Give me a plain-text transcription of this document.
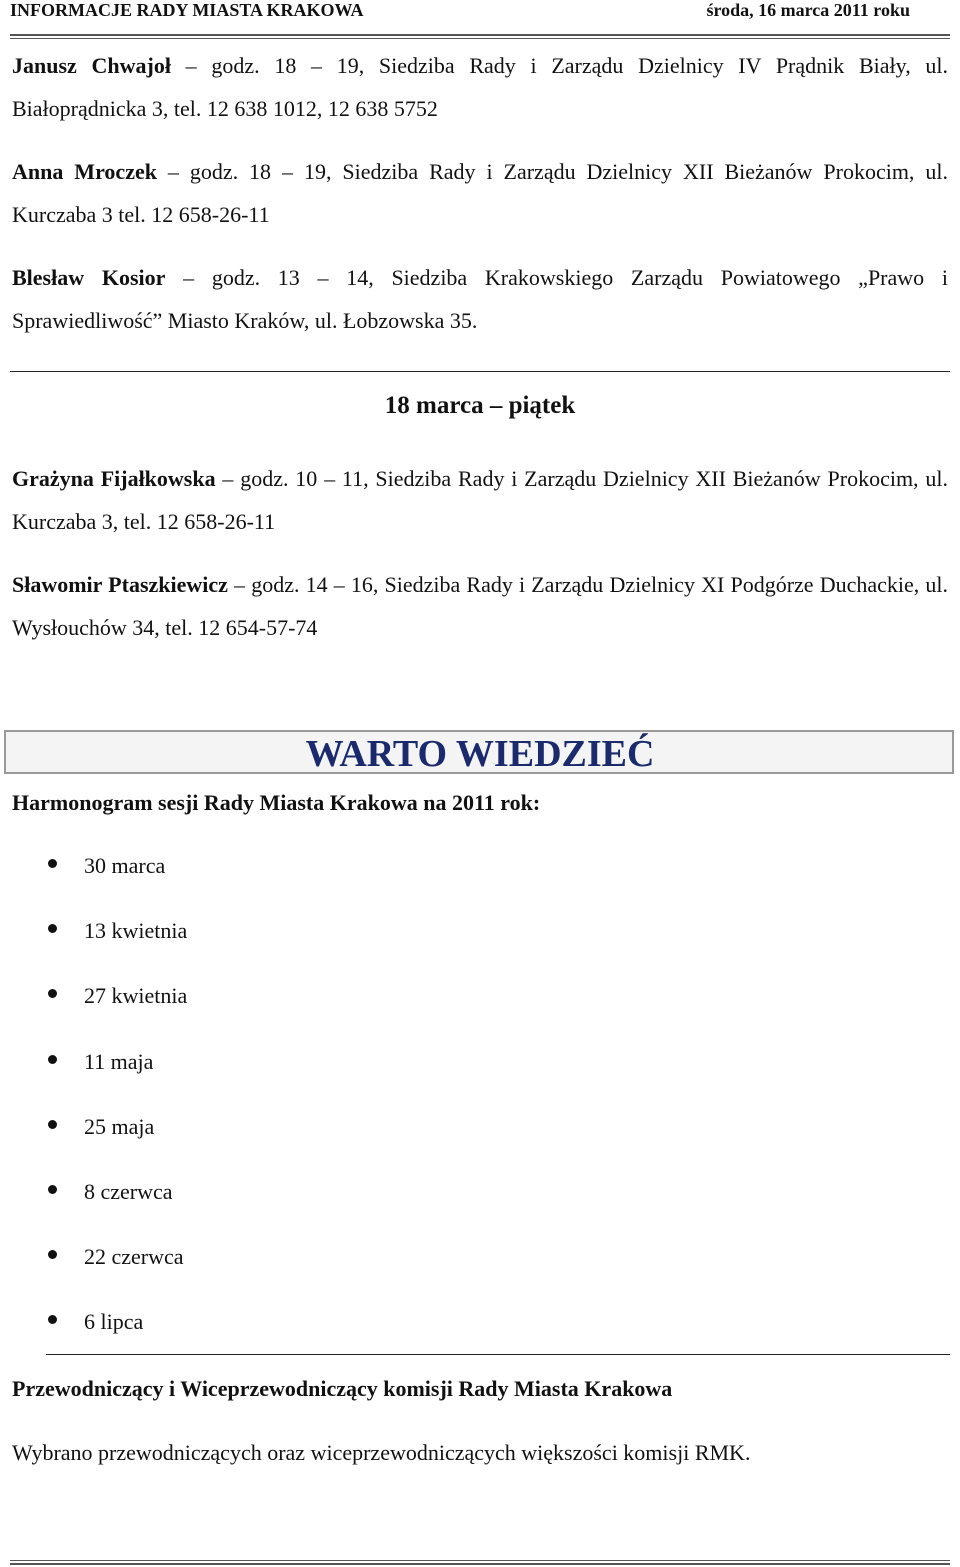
INFORMACJE RADY MIASTA KRAKOWA	środa, 16 marca 2011 roku

Janusz Chwajoł – godz. 18 – 19, Siedziba Rady i Zarządu Dzielnicy IV Prądnik Biały, ul. Białoprądnicka 3, tel. 12 638 1012, 12 638 5752

Anna Mroczek – godz. 18 – 19, Siedziba Rady i Zarządu Dzielnicy XII Bieżanów Prokocim, ul. Kurczaba 3 tel. 12 658-26-11

Blesław Kosior – godz. 13 – 14, Siedziba Krakowskiego Zarządu Powiatowego „Prawo i Sprawiedliwość” Miasto Kraków, ul. Łobzowska 35.

18 marca – piątek

Grażyna Fijałkowska – godz. 10 – 11, Siedziba Rady i Zarządu Dzielnicy XII Bieżanów Prokocim, ul. Kurczaba 3, tel. 12 658-26-11

Sławomir Ptaszkiewicz – godz. 14 – 16, Siedziba Rady i Zarządu Dzielnicy XI Podgórze Duchackie, ul. Wysłouchów 34, tel. 12 654-57-74

WARTO WIEDZIEĆ
Harmonogram sesji Rady Miasta Krakowa na 2011 rok:
30 marca
13 kwietnia
27 kwietnia
11 maja
25 maja
8 czerwca
22 czerwca
6 lipca
Przewodniczący i Wiceprzewodniczący komisji Rady Miasta Krakowa
Wybrano przewodniczących oraz wiceprzewodniczących większości komisji RMK.
